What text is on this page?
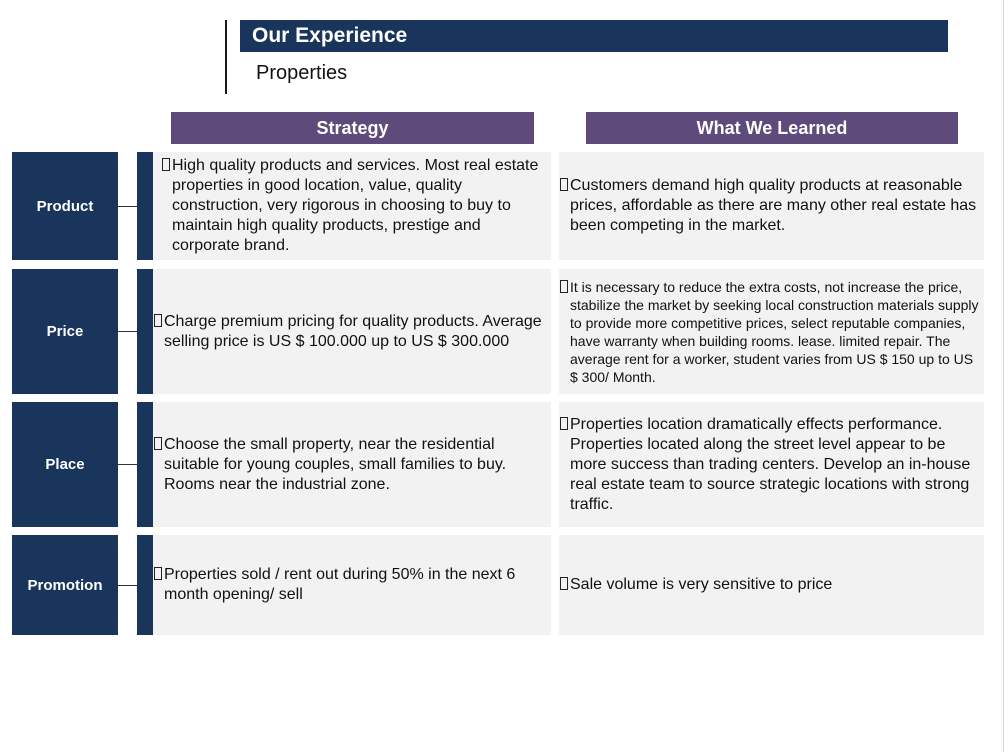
Our Experience
Properties
Strategy	What We Learned
Product
High quality products and services. Most real estate properties in good location, value, quality construction, very rigorous in choosing to buy to maintain high quality products, prestige and corporate brand.
Customers demand high quality products at reasonable prices, affordable as there are many other real estate has been competing in the market.
Price
Charge premium pricing for quality products. Average selling price is US $ 100.000 up to US $ 300.000
It is necessary to reduce the extra costs, not increase the price, stabilize the market by seeking local construction materials supply to provide more competitive prices, select reputable companies, have warranty when building rooms. lease. limited repair. The average rent for a worker, student varies from US $ 150 up to US $ 300/ Month.
Place
Choose the small property, near the residential suitable for young couples, small families to buy. Rooms near the industrial zone.
Properties location dramatically effects performance. Properties located along the street level appear to be more success than trading centers. Develop an in-house real estate team to source strategic locations with strong traffic.
Promotion
Properties sold / rent out during 50% in the next 6 month opening/ sell
Sale volume is very sensitive to price
